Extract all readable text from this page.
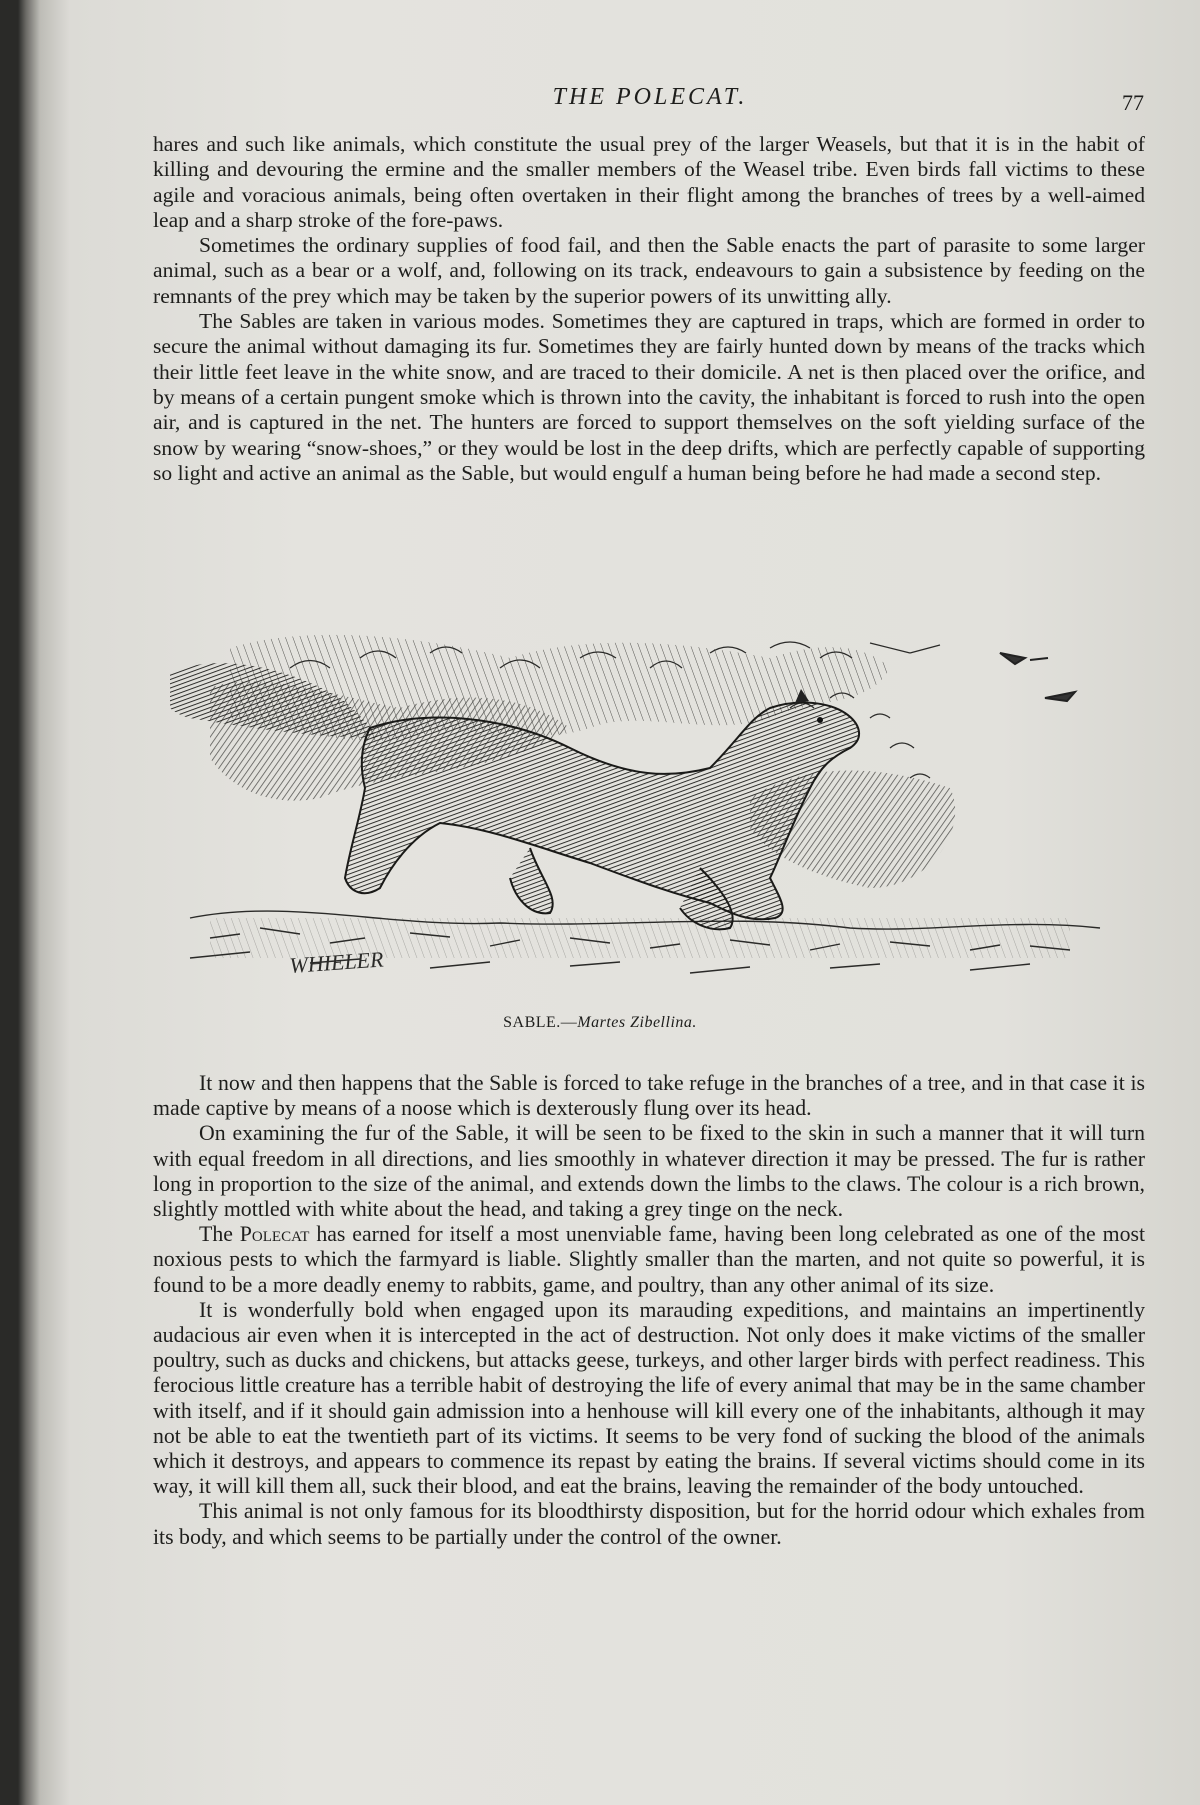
THE POLECAT.	77

hares and such like animals, which constitute the usual prey of the larger Weasels, but that it is in the habit of killing and devouring the ermine and the smaller members of the Weasel tribe. Even birds fall victims to these agile and voracious animals, being often overtaken in their flight among the branches of trees by a well-aimed leap and a sharp stroke of the fore-paws.

Sometimes the ordinary supplies of food fail, and then the Sable enacts the part of parasite to some larger animal, such as a bear or a wolf, and, following on its track, endeavours to gain a subsistence by feeding on the remnants of the prey which may be taken by the superior powers of its unwitting ally.

The Sables are taken in various modes. Sometimes they are captured in traps, which are formed in order to secure the animal without damaging its fur. Sometimes they are fairly hunted down by means of the tracks which their little feet leave in the white snow, and are traced to their domicile. A net is then placed over the orifice, and by means of a certain pungent smoke which is thrown into the cavity, the inhabitant is forced to rush into the open air, and is captured in the net. The hunters are forced to support themselves on the soft yielding surface of the snow by wearing “snow-shoes,” or they would be lost in the deep drifts, which are perfectly capable of supporting so light and active an animal as the Sable, but would engulf a human being before he had made a second step.

WHIELER
SABLE.—Martes Zibellina.

It now and then happens that the Sable is forced to take refuge in the branches of a tree, and in that case it is made captive by means of a noose which is dexterously flung over its head.

On examining the fur of the Sable, it will be seen to be fixed to the skin in such a manner that it will turn with equal freedom in all directions, and lies smoothly in whatever direction it may be pressed. The fur is rather long in proportion to the size of the animal, and extends down the limbs to the claws. The colour is a rich brown, slightly mottled with white about the head, and taking a grey tinge on the neck.

The Polecat has earned for itself a most unenviable fame, having been long celebrated as one of the most noxious pests to which the farmyard is liable. Slightly smaller than the marten, and not quite so powerful, it is found to be a more deadly enemy to rabbits, game, and poultry, than any other animal of its size.

It is wonderfully bold when engaged upon its marauding expeditions, and maintains an impertinently audacious air even when it is intercepted in the act of destruction. Not only does it make victims of the smaller poultry, such as ducks and chickens, but attacks geese, turkeys, and other larger birds with perfect readiness. This ferocious little creature has a terrible habit of destroying the life of every animal that may be in the same chamber with itself, and if it should gain admission into a henhouse will kill every one of the inhabitants, although it may not be able to eat the twentieth part of its victims. It seems to be very fond of sucking the blood of the animals which it destroys, and appears to commence its repast by eating the brains. If several victims should come in its way, it will kill them all, suck their blood, and eat the brains, leaving the remainder of the body untouched.

This animal is not only famous for its bloodthirsty disposition, but for the horrid odour which exhales from its body, and which seems to be partially under the control of the owner.
